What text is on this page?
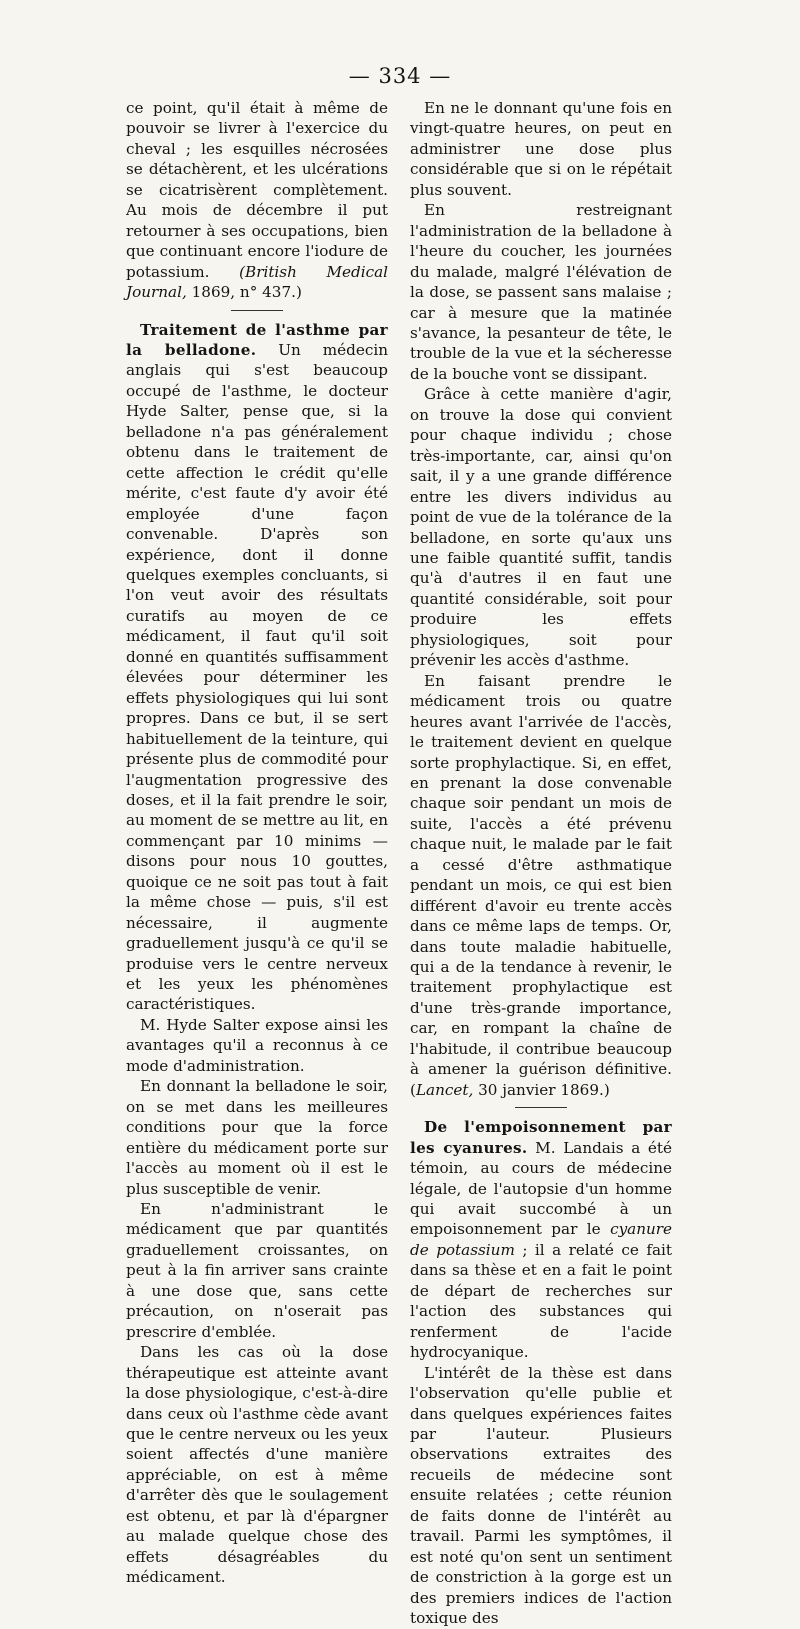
— 334 —

ce point, qu'il était à même de pouvoir se livrer à l'exercice du cheval ; les esquilles nécrosées se détachèrent, et les ulcérations se cicatrisèrent complètement. Au mois de décembre il put retourner à ses occupations, bien que continuant encore l'iodure de potassium. (British Medical Journal, 1869, n° 437.)

Traitement de l'asthme par la belladone. Un médecin anglais qui s'est beaucoup occupé de l'asthme, le docteur Hyde Salter, pense que, si la belladone n'a pas généralement obtenu dans le traitement de cette affection le crédit qu'elle mérite, c'est faute d'y avoir été employée d'une façon convenable. D'après son expérience, dont il donne quelques exemples concluants, si l'on veut avoir des résultats curatifs au moyen de ce médicament, il faut qu'il soit donné en quantités suffisamment élevées pour déterminer les effets physiologiques qui lui sont propres. Dans ce but, il se sert habituellement de la teinture, qui présente plus de commodité pour l'augmentation progressive des doses, et il la fait prendre le soir, au moment de se mettre au lit, en commençant par 10 minims — disons pour nous 10 gouttes, quoique ce ne soit pas tout à fait la même chose — puis, s'il est nécessaire, il augmente graduellement jusqu'à ce qu'il se produise vers le centre nerveux et les yeux les phénomènes caractéristiques.

M. Hyde Salter expose ainsi les avantages qu'il a reconnus à ce mode d'administration.

En donnant la belladone le soir, on se met dans les meilleures conditions pour que la force entière du médicament porte sur l'accès au moment où il est le plus susceptible de venir.

En n'administrant le médicament que par quantités graduellement croissantes, on peut à la fin arriver sans crainte à une dose que, sans cette précaution, on n'oserait pas prescrire d'emblée.

Dans les cas où la dose thérapeutique est atteinte avant la dose physiologique, c'est-à-dire dans ceux où l'asthme cède avant que le centre nerveux ou les yeux soient affectés d'une manière appréciable, on est à même d'arrêter dès que le soulagement est obtenu, et par là d'épargner au malade quelque chose des effets désagréables du médicament.

En ne le donnant qu'une fois en vingt-quatre heures, on peut en administrer une dose plus considérable que si on le répétait plus souvent.

En restreignant l'administration de la belladone à l'heure du coucher, les journées du malade, malgré l'élévation de la dose, se passent sans malaise ; car à mesure que la matinée s'avance, la pesanteur de tête, le trouble de la vue et la sécheresse de la bouche vont se dissipant.

Grâce à cette manière d'agir, on trouve la dose qui convient pour chaque individu ; chose très-importante, car, ainsi qu'on sait, il y a une grande différence entre les divers individus au point de vue de la tolérance de la belladone, en sorte qu'aux uns une faible quantité suffit, tandis qu'à d'autres il en faut une quantité considérable, soit pour produire les effets physiologiques, soit pour prévenir les accès d'asthme.

En faisant prendre le médicament trois ou quatre heures avant l'arrivée de l'accès, le traitement devient en quelque sorte prophylactique. Si, en effet, en prenant la dose convenable chaque soir pendant un mois de suite, l'accès a été prévenu chaque nuit, le malade par le fait a cessé d'être asthmatique pendant un mois, ce qui est bien différent d'avoir eu trente accès dans ce même laps de temps. Or, dans toute maladie habituelle, qui a de la tendance à revenir, le traitement prophylactique est d'une très-grande importance, car, en rompant la chaîne de l'habitude, il contribue beaucoup à amener la guérison définitive. (Lancet, 30 janvier 1869.)

De l'empoisonnement par les cyanures. M. Landais a été témoin, au cours de médecine légale, de l'autopsie d'un homme qui avait succombé à un empoisonnement par le cyanure de potassium ; il a relaté ce fait dans sa thèse et en a fait le point de départ de recherches sur l'action des substances qui renferment de l'acide hydrocyanique.

L'intérêt de la thèse est dans l'observation qu'elle publie et dans quelques expériences faites par l'auteur. Plusieurs observations extraites des recueils de médecine sont ensuite relatées ; cette réunion de faits donne de l'intérêt au travail. Parmi les symptômes, il est noté qu'on sent un sentiment de constriction à la gorge est un des premiers indices de l'action toxique des
